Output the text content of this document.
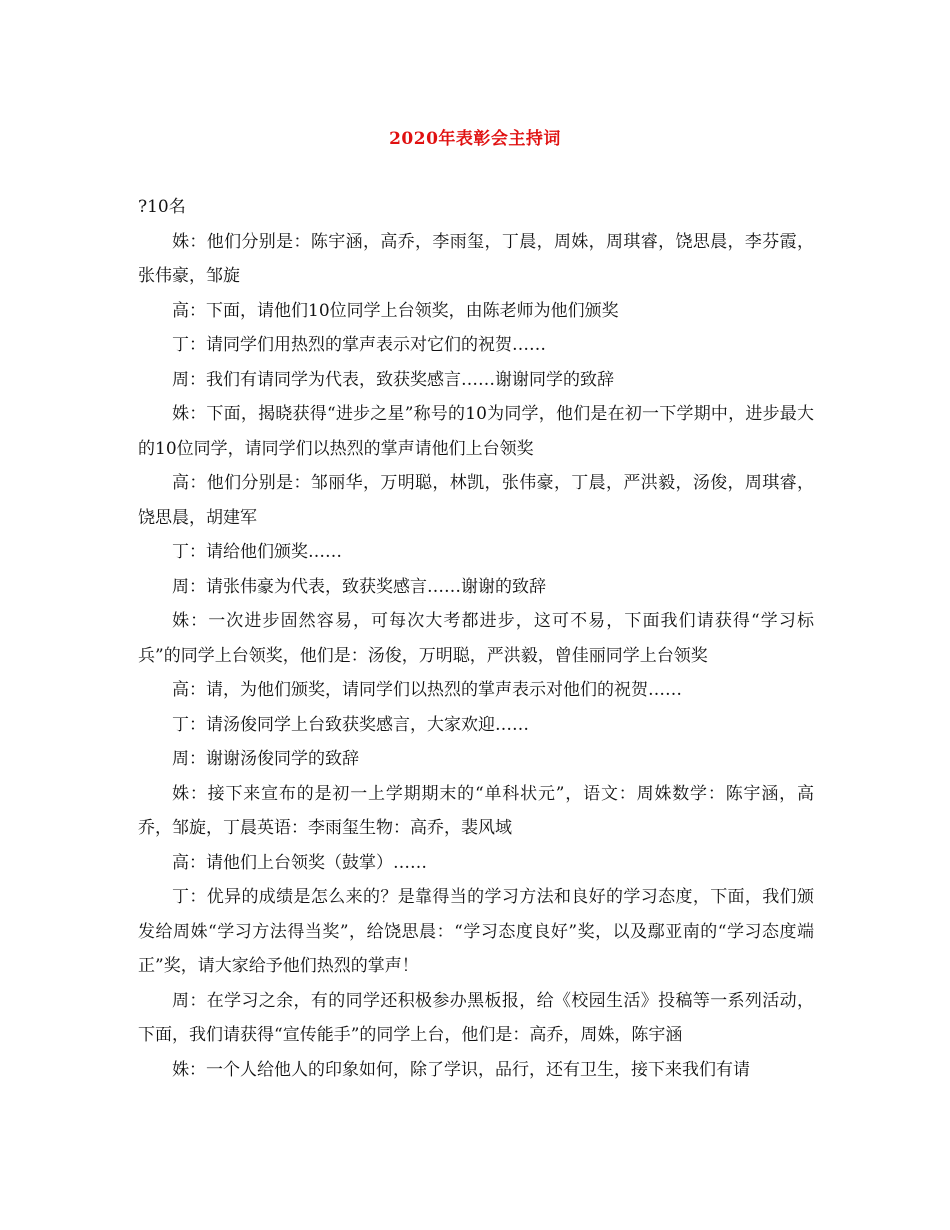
2020年表彰会主持词

?10名

姝：他们分别是：陈宇涵，高乔，李雨玺，丁晨，周姝，周琪睿，饶思晨，李芬霞，张伟豪，邹旋

高：下面，请他们10位同学上台领奖，由陈老师为他们颁奖

丁：请同学们用热烈的掌声表示对它们的祝贺……

周：我们有请同学为代表，致获奖感言……谢谢同学的致辞

姝：下面，揭晓获得“进步之星”称号的10为同学，他们是在初一下学期中，进步最大的10位同学，请同学们以热烈的掌声请他们上台领奖

高：他们分别是：邹丽华，万明聪，林凯，张伟豪，丁晨，严洪毅，汤俊，周琪睿，饶思晨，胡建军

丁：请给他们颁奖……

周：请张伟豪为代表，致获奖感言……谢谢的致辞

姝：一次进步固然容易，可每次大考都进步，这可不易，下面我们请获得“学习标兵”的同学上台领奖，他们是：汤俊，万明聪，严洪毅，曾佳丽同学上台领奖

高：请，为他们颁奖，请同学们以热烈的掌声表示对他们的祝贺……

丁：请汤俊同学上台致获奖感言，大家欢迎……

周：谢谢汤俊同学的致辞

姝：接下来宣布的是初一上学期期末的“单科状元”，语文：周姝数学：陈宇涵，高乔，邹旋，丁晨英语：李雨玺生物：高乔，裴风域

高：请他们上台领奖（鼓掌）……

丁：优异的成绩是怎么来的？是靠得当的学习方法和良好的学习态度，下面，我们颁发给周姝“学习方法得当奖”，给饶思晨：“学习态度良好”奖，以及鄢亚南的“学习态度端正”奖，请大家给予他们热烈的掌声！

周：在学习之余，有的同学还积极参办黑板报，给《校园生活》投稿等一系列活动，下面，我们请获得“宣传能手”的同学上台，他们是：高乔，周姝，陈宇涵

姝：一个人给他人的印象如何，除了学识，品行，还有卫生，接下来我们有请
